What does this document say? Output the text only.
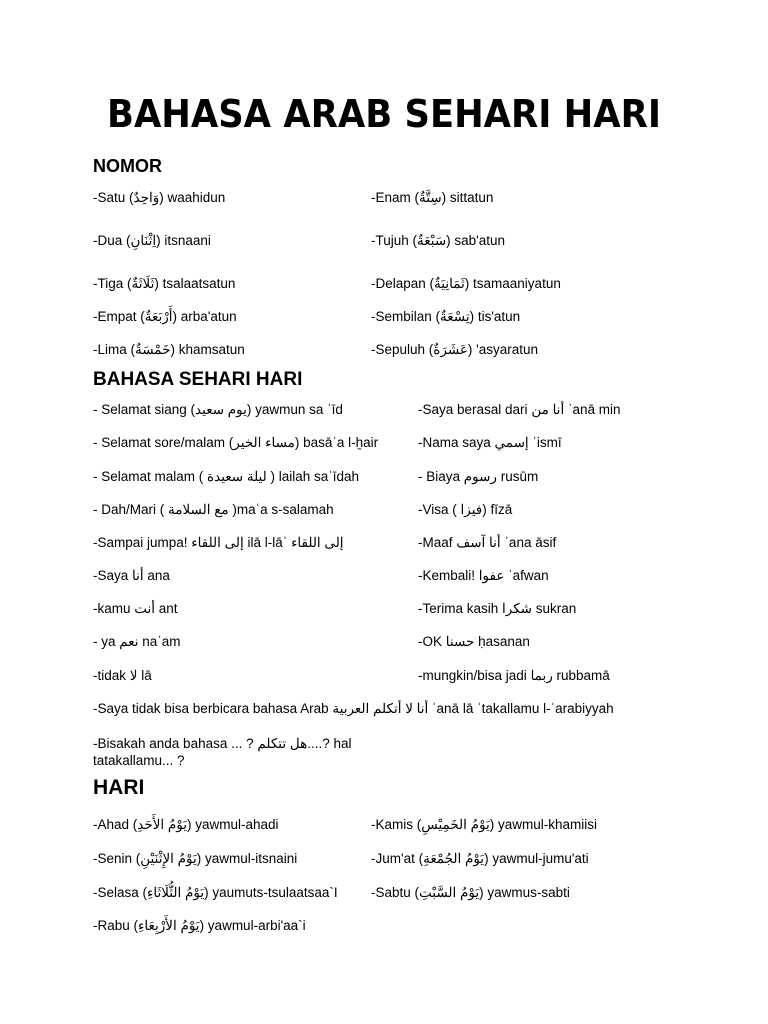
BAHASA ARAB SEHARI HARI
NOMOR
-Satu (وَاحِدٌ) waahidun
-Dua (اِثْنَانِ) itsnaani
-Tiga (ثَلَاثَةٌ) tsalaatsatun
-Empat (أَرْبَعَةٌ) arba'atun
-Lima (خَمْسَةٌ) khamsatun
-Enam (سِتَّةٌ) sittatun
-Tujuh (سَبْعَةٌ) sab'atun
-Delapan (ثَمَانِيَةٌ) tsamaaniyatun
-Sembilan (تِسْعَةٌ) tis'atun
-Sepuluh (عَشَرَةٌ) 'asyaratun
BAHASA SEHARI HARI
- Selamat siang (يوم سعيد) yawmun sa ʿīd
- Selamat sore/malam (مساء الخير) basāʾa l-ẖair
- Selamat malam ( ليلة سعيدة ) lailah saʿīdah
- Dah/Mari ( مع السلامة )maʿa s-salamah
-Sampai jumpa! إلى اللقاء ilā l-lāʾ إلى اللقاء
-Saya أنا ana
-kamu أنت ant
- ya نعم naʿam
-tidak لا lā
-Saya berasal dari أنا من ʾanā min
-Nama saya إسمي ʾismī
- Biaya رسوم rusūm
-Visa ( فيزا) fīzā
-Maaf أنا آسف ʾana āsif
-Kembali! عفوا ʿafwan
-Terima kasih شكرا sukran
-OK حسنا ḥasanan
-mungkin/bisa jadi ربما rubbamā
-Saya tidak bisa berbicara bahasa Arab أنا لا أتكلم العربية ʾanā lā ʾtakallamu l-ʿarabiyyah
-Bisakah anda bahasa ... ? هل تتكلم....? hal tatakallamu... ?
HARI
-Ahad (يَوْمُ الأَحَدِ) yawmul-ahadi
-Senin (يَوْمُ الإِثْنَيْنِ) yawmul-itsnaini
-Selasa (يَوْمُ الثُّلَاثَاءِ) yaumuts-tsulaatsaa`I
-Rabu (يَوْمُ الأَرْبِعَاءِ) yawmul-arbi'aa`i
-Kamis (يَوْمُ الخَمِيْسِ) yawmul-khamiisi
-Jum'at (يَوْمُ الجُمْعَةِ) yawmul-jumu'ati
-Sabtu (يَوْمُ السَّبْتِ) yawmus-sabti
